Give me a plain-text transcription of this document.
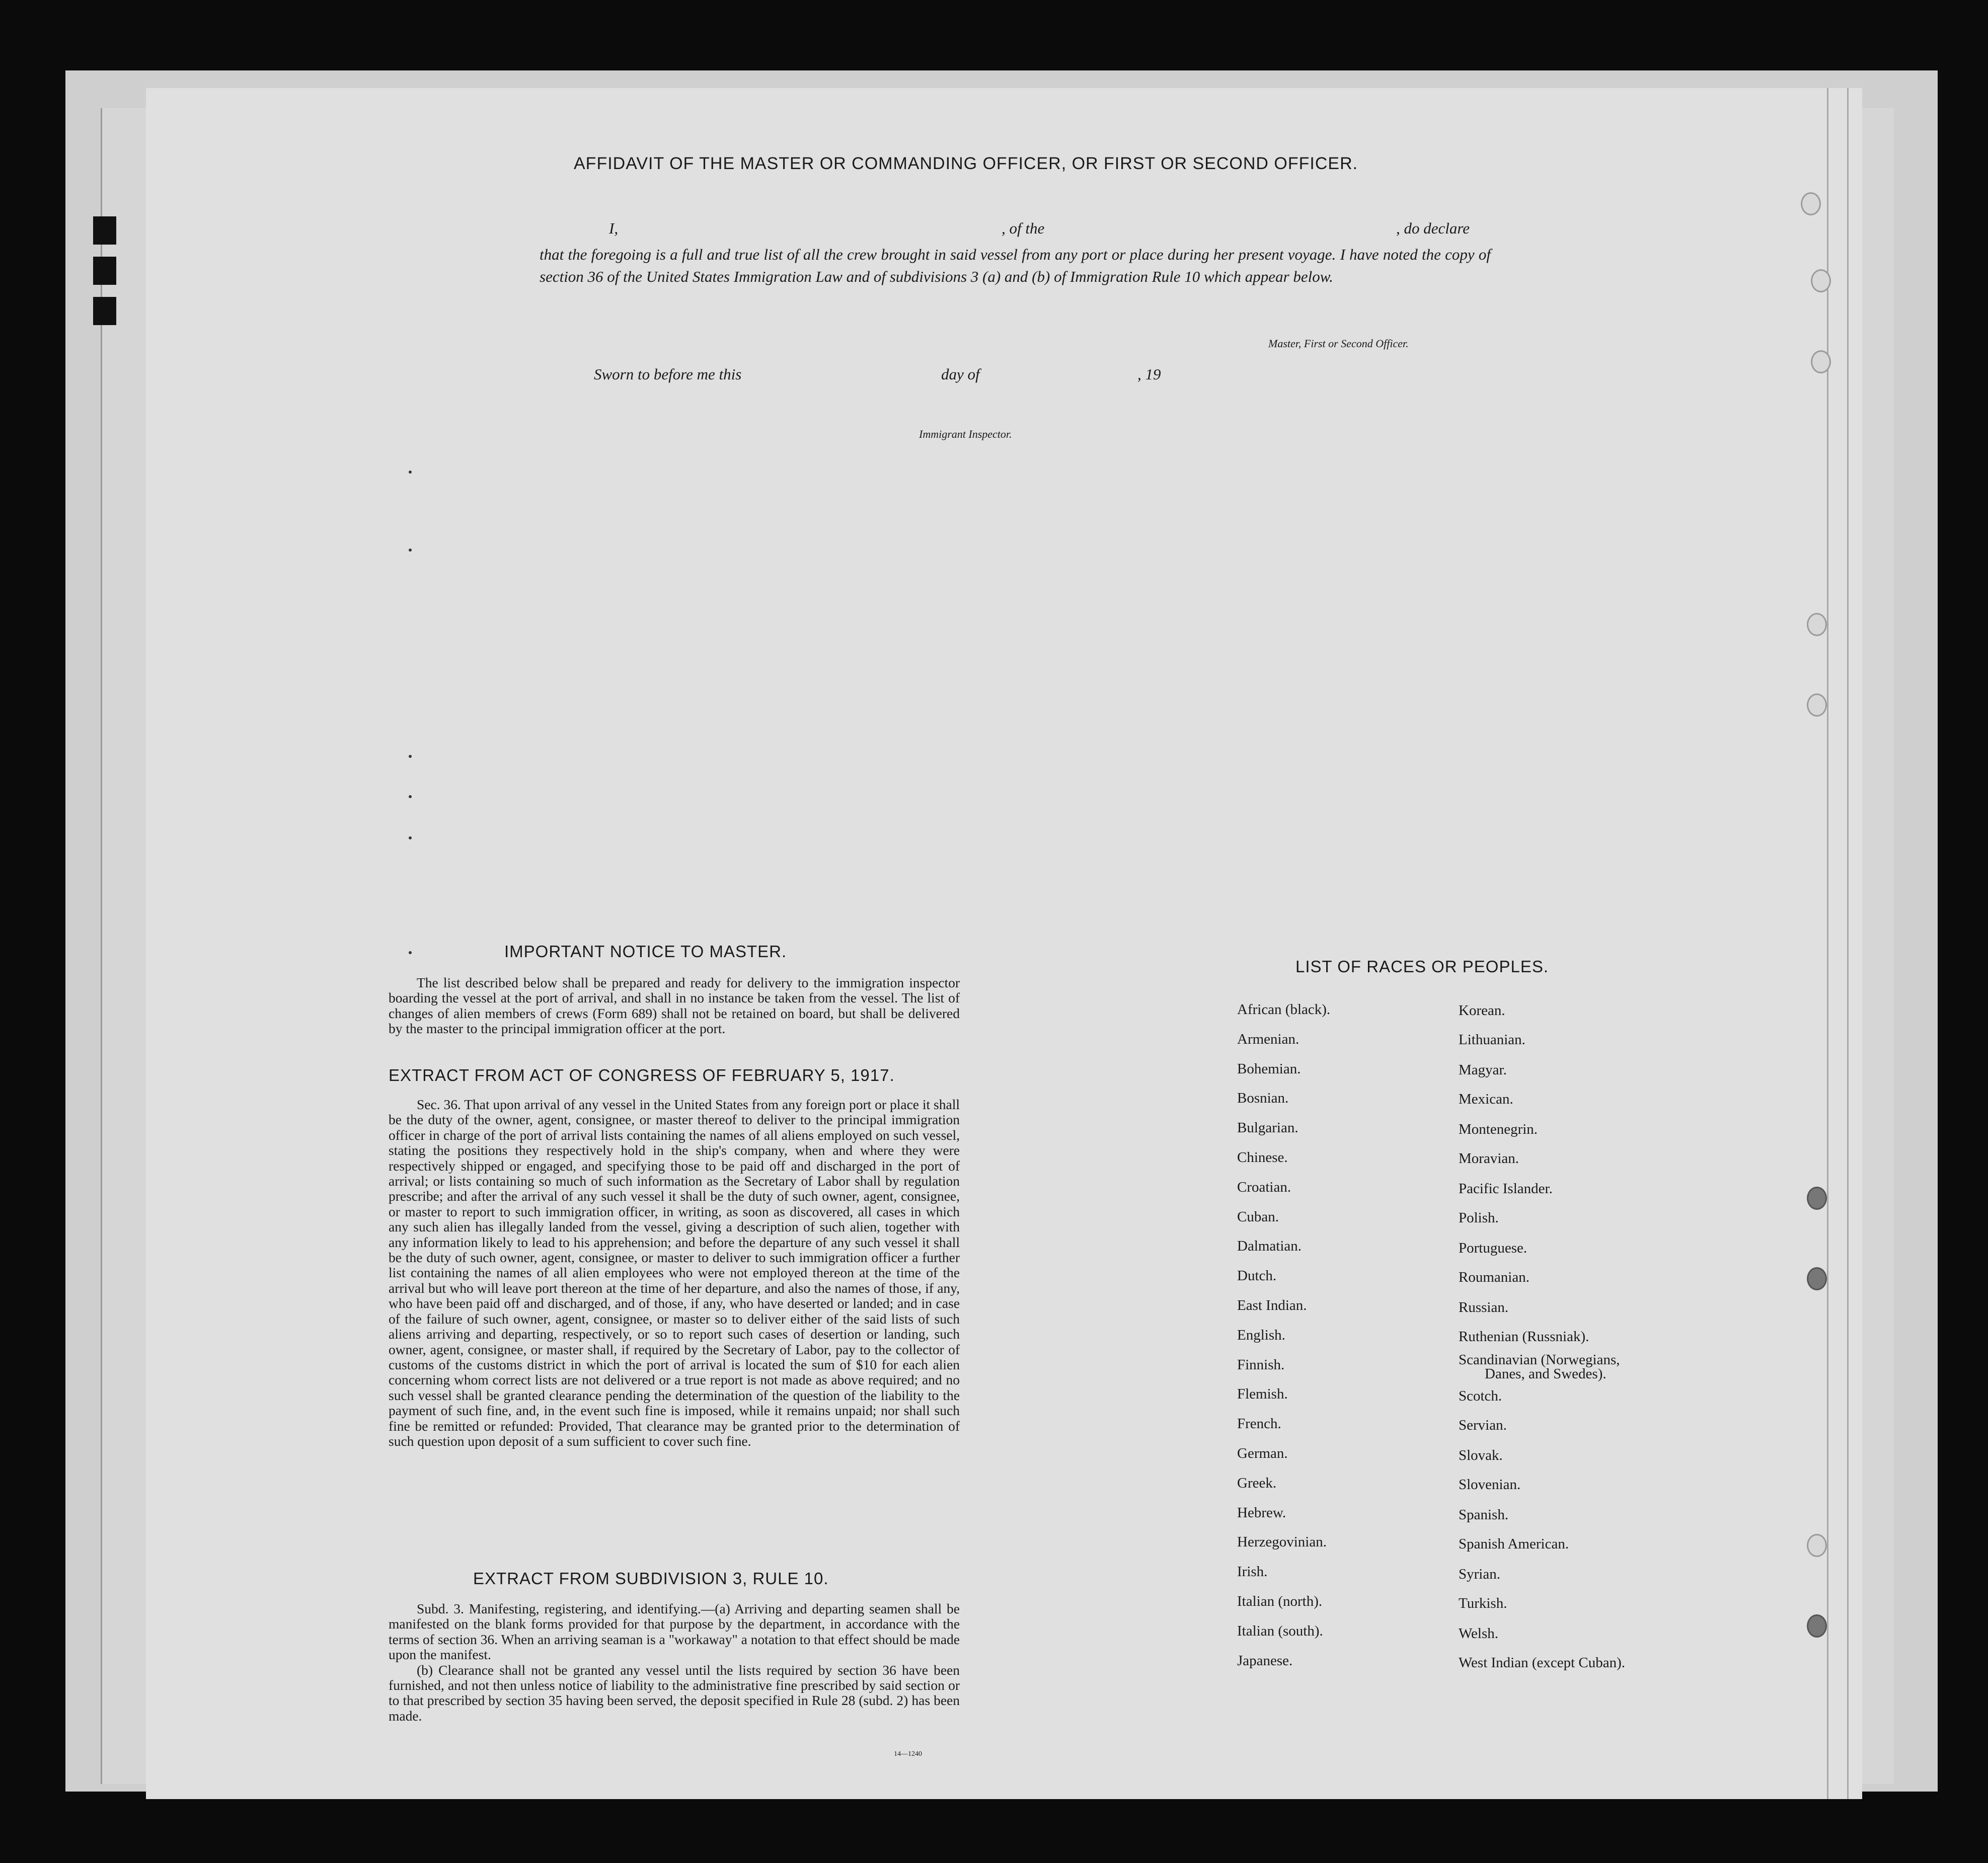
AFFIDAVIT OF THE MASTER OR COMMANDING OFFICER, OR FIRST OR SECOND OFFICER.
I,	, of the	, do declare
that the foregoing is a full and true list of all the crew brought in said vessel from any port or place during her present voyage. I have noted the copy of section 36 of the United States Immigration Law and of subdivisions 3 (a) and (b) of Immigration Rule 10 which appear below.
Master, First or Second Officer.
Sworn to before me this	day of	, 19
Immigrant Inspector.
IMPORTANT NOTICE TO MASTER.

The list described below shall be prepared and ready for delivery to the immigration inspector boarding the vessel at the port of arrival, and shall in no instance be taken from the vessel. The list of changes of alien members of crews (Form 689) shall not be retained on board, but shall be delivered by the master to the principal immigration officer at the port.

EXTRACT FROM ACT OF CONGRESS OF FEBRUARY 5, 1917.

Sec. 36. That upon arrival of any vessel in the United States from any foreign port or place it shall be the duty of the owner, agent, consignee, or master thereof to deliver to the principal immigration officer in charge of the port of arrival lists containing the names of all aliens employed on such vessel, stating the positions they respectively hold in the ship's company, when and where they were respectively shipped or engaged, and specifying those to be paid off and discharged in the port of arrival; or lists containing so much of such information as the Secretary of Labor shall by regulation prescribe; and after the arrival of any such vessel it shall be the duty of such owner, agent, consignee, or master to report to such immigration officer, in writing, as soon as discovered, all cases in which any such alien has illegally landed from the vessel, giving a description of such alien, together with any information likely to lead to his apprehension; and before the departure of any such vessel it shall be the duty of such owner, agent, consignee, or master to deliver to such immigration officer a further list containing the names of all alien employees who were not employed thereon at the time of the arrival but who will leave port thereon at the time of her departure, and also the names of those, if any, who have been paid off and discharged, and of those, if any, who have deserted or landed; and in case of the failure of such owner, agent, consignee, or master so to deliver either of the said lists of such aliens arriving and departing, respectively, or so to report such cases of desertion or landing, such owner, agent, consignee, or master shall, if required by the Secretary of Labor, pay to the collector of customs of the customs district in which the port of arrival is located the sum of $10 for each alien concerning whom correct lists are not delivered or a true report is not made as above required; and no such vessel shall be granted clearance pending the determination of the question of the liability to the payment of such fine, and, in the event such fine is imposed, while it remains unpaid; nor shall such fine be remitted or refunded: Provided, That clearance may be granted prior to the determination of such question upon deposit of a sum sufficient to cover such fine.

EXTRACT FROM SUBDIVISION 3, RULE 10.

Subd. 3. Manifesting, registering, and identifying.—(a) Arriving and departing seamen shall be manifested on the blank forms provided for that purpose by the department, in accordance with the terms of section 36. When an arriving seaman is a "workaway" a notation to that effect should be made upon the manifest.

(b) Clearance shall not be granted any vessel until the lists required by section 36 have been furnished, and not then unless notice of liability to the administrative fine prescribed by said section or to that prescribed by section 35 having been served, the deposit specified in Rule 28 (subd. 2) has been made.

14—1240
LIST OF RACES OR PEOPLES.
African (black).
Armenian.
Bohemian.
Bosnian.
Bulgarian.
Chinese.
Croatian.
Cuban.
Dalmatian.
Dutch.
East Indian.
English.
Finnish.
Flemish.
French.
German.
Greek.
Hebrew.
Herzegovinian.
Irish.
Italian (north).
Italian (south).
Japanese.
Korean.
Lithuanian.
Magyar.
Mexican.
Montenegrin.
Moravian.
Pacific Islander.
Polish.
Portuguese.
Roumanian.
Russian.
Ruthenian (Russniak).
Scandinavian (Norwegians,
Danes, and Swedes).
Scotch.
Servian.
Slovak.
Slovenian.
Spanish.
Spanish American.
Syrian.
Turkish.
Welsh.
West Indian (except Cuban).
